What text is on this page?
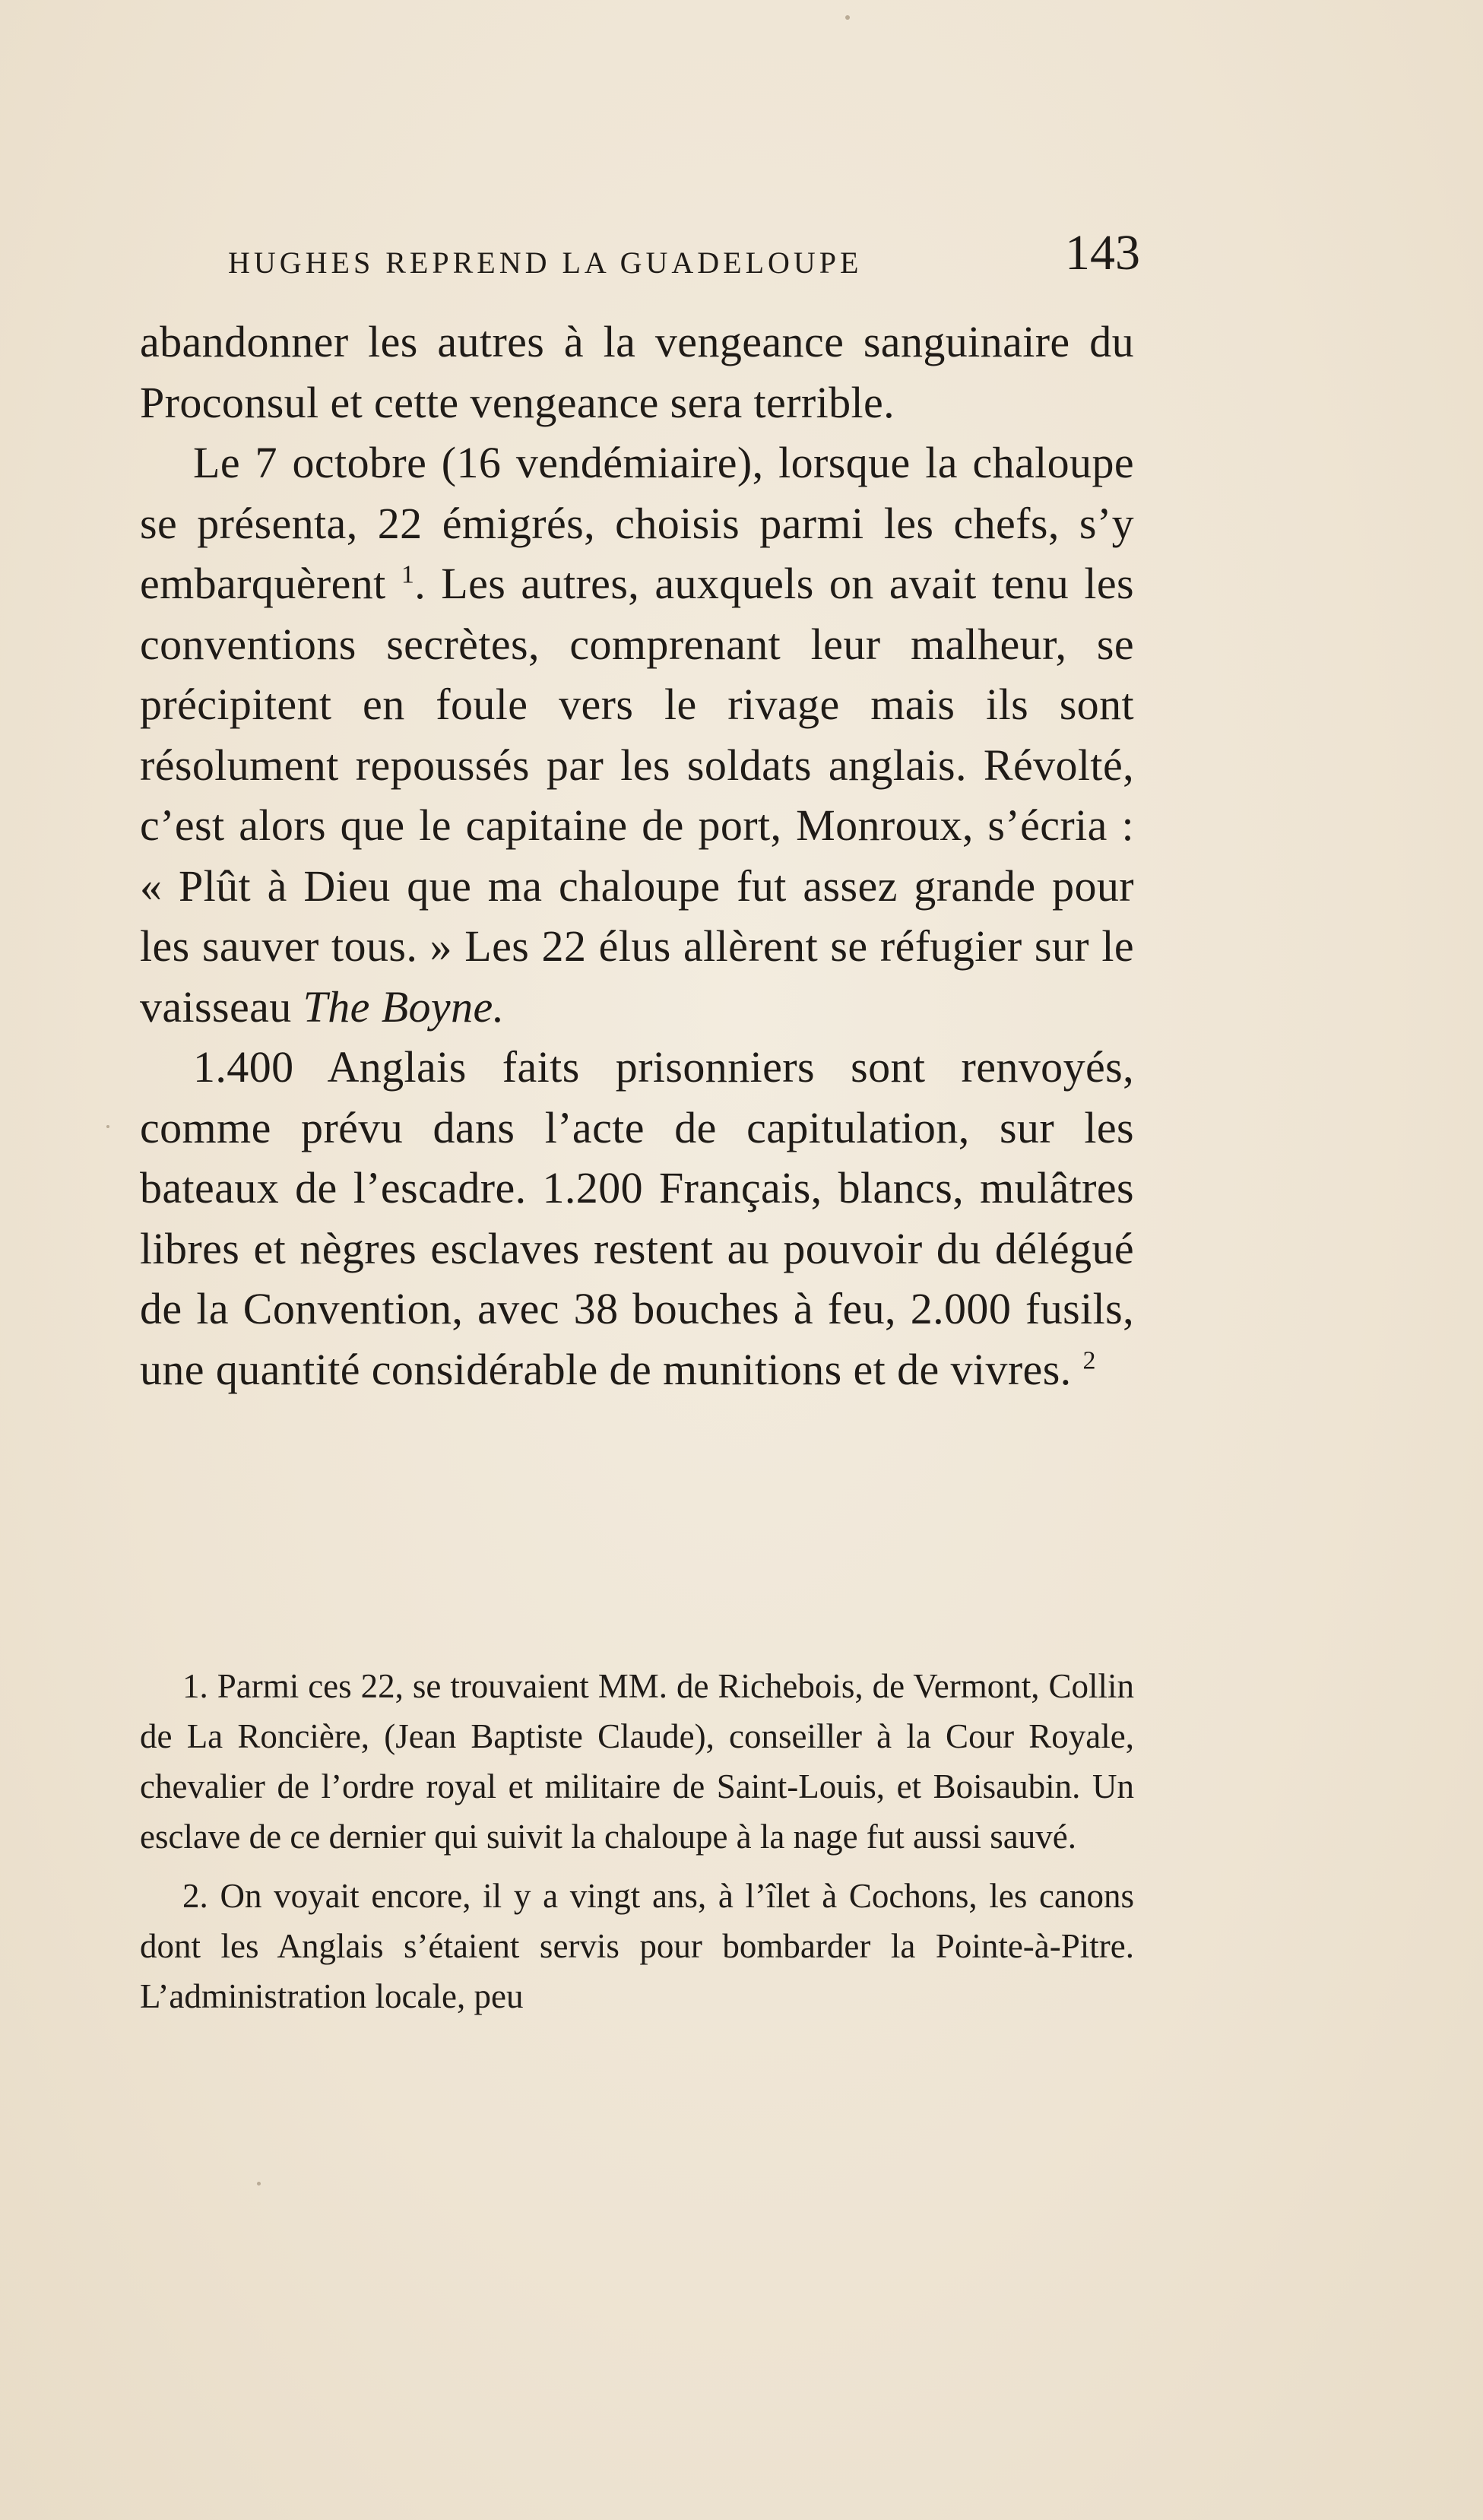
HUGHES REPREND LA GUADELOUPE	143

abandonner les autres à la vengeance sanguinaire du Proconsul et cette vengeance sera terrible.

Le 7 octobre (16 vendémiaire), lorsque la chaloupe se présenta, 22 émigrés, choisis parmi les chefs, s’y embarquèrent $^1$. Les autres, auxquels on avait tenu les conventions secrètes, comprenant leur malheur, se précipitent en foule vers le rivage mais ils sont résolument repoussés par les soldats anglais. Révolté, c’est alors que le capitaine de port, Monroux, s’écria : « Plût à Dieu que ma chaloupe fut assez grande pour les sauver tous. » Les 22 élus allèrent se réfugier sur le vaisseau The Boyne.

1.400 Anglais faits prisonniers sont renvoyés, comme prévu dans l’acte de capitulation, sur les bateaux de l’escadre. 1.200 Français, blancs, mulâtres libres et nègres esclaves restent au pouvoir du délégué de la Convention, avec 38 bouches à feu, 2.000 fusils, une quantité considérable de munitions et de vivres. $^2$

1. Parmi ces 22, se trouvaient MM. de Richebois, de Vermont, Collin de La Roncière, (Jean Baptiste Claude), conseiller à la Cour Royale, chevalier de l’ordre royal et militaire de Saint-Louis, et Boisaubin. Un esclave de ce dernier qui suivit la chaloupe à la nage fut aussi sauvé.

2. On voyait encore, il y a vingt ans, à l’îlet à Cochons, les canons dont les Anglais s’étaient servis pour bombarder la Pointe-à-Pitre. L’administration locale, peu
